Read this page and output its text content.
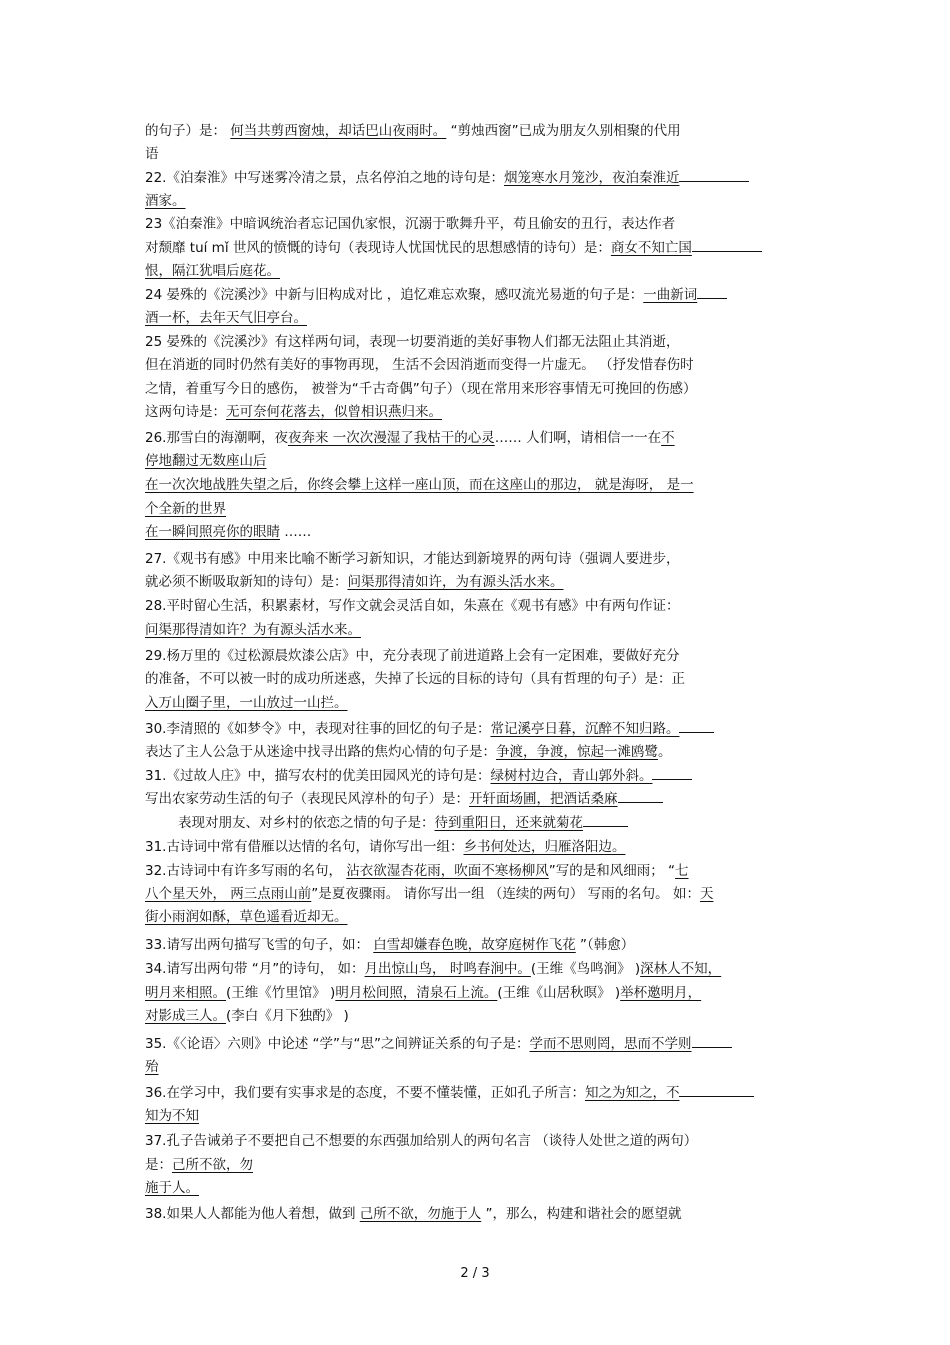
的句子）是： 何当共剪西窗烛，却话巴山夜雨时。 “剪烛西窗”已成为朋友久别相聚的代用
语
22.《泊秦淮》中写迷雾冷清之景，点名停泊之地的诗句是：烟笼寒水月笼沙，夜泊秦淮近
酒家。
23《泊秦淮》中暗讽统治者忘记国仇家恨，沉溺于歌舞升平，苟且偷安的丑行，表达作者
对颓靡 tuí mǐ 世风的愤慨的诗句（表现诗人忧国忧民的思想感情的诗句）是：商女不知亡国
恨，隔江犹唱后庭花。
24 晏殊的《浣溪沙》中新与旧构成对比 ，追忆难忘欢聚，感叹流光易逝的句子是：一曲新词
酒一杯，去年天气旧亭台。
25 晏殊的《浣溪沙》有这样两句词，表现一切要消逝的美好事物人们都无法阻止其消逝，
但在消逝的同时仍然有美好的事物再现， 生活不会因消逝而变得一片虚无。 （抒发惜春伤时
之情，着重写今日的感伤， 被誉为“千古奇偶”句子）（现在常用来形容事情无可挽回的伤感）
这两句诗是：无可奈何花落去，似曾相识燕归来。
26.那雪白的海潮啊，夜夜奔来 一次次漫湿了我枯干的心灵…… 人们啊，请相信一一在不
停地翻过无数座山后
在一次次地战胜失望之后，你终会攀上这样一座山顶，而在这座山的那边， 就是海呀， 是一
个全新的世界
在一瞬间照亮你的眼睛 ……
27.《观书有感》中用来比喻不断学习新知识，才能达到新境界的两句诗（强调人要进步，
就必须不断吸取新知的诗句）是：问渠那得清如许，为有源头活水来。
28.平时留心生活，积累素材，写作文就会灵活自如，朱熹在《观书有感》中有两句作证：
问渠那得清如许？为有源头活水来。
29.杨万里的《过松源晨炊漆公店》中，充分表现了前进道路上会有一定困难，要做好充分
的准备，不可以被一时的成功所迷惑，失掉了长远的目标的诗句（具有哲理的句子）是：正
入万山圈子里，一山放过一山拦。
30.李清照的《如梦令》中，表现对往事的回忆的句子是：常记溪亭日暮，沉醉不知归路。
表达了主人公急于从迷途中找寻出路的焦灼心情的句子是：争渡，争渡，惊起一滩鸥鹭。
31.《过故人庄》中，描写农村的优美田园风光的诗句是：绿树村边合，青山郭外斜。
写出农家劳动生活的句子（表现民风淳朴的句子）是：开轩面场圃，把酒话桑麻
表现对朋友、对乡村的依恋之情的句子是：待到重阳日，还来就菊花
31.古诗词中常有借雁以达情的名句，请你写出一组：乡书何处达，归雁洛阳边。
32.古诗词中有许多写雨的名句， 沾衣欲湿杏花雨，吹面不寒杨柳风”写的是和风细雨； “七
八个星天外， 两三点雨山前”是夏夜骤雨。 请你写出一组 （连续的两句） 写雨的名句。 如：天
街小雨润如酥，草色遥看近却无。
33.请写出两句描写飞雪的句子，如： 白雪却嫌春色晚，故穿庭树作飞花 ”（韩愈）
34.请写出两句带 “月”的诗句， 如：月出惊山鸟， 时鸣春涧中。(王维《鸟鸣涧》 )深林人不知，
明月来相照。(王维《竹里馆》 )明月松间照，清泉石上流。(王维《山居秋暝》 )举杯邀明月，
对影成三人。(李白《月下独酌》 )
35.《〈论语〉六则》中论述 “学”与“思”之间辨证关系的句子是：学而不思则罔，思而不学则
殆
36.在学习中，我们要有实事求是的态度，不要不懂装懂，正如孔子所言：知之为知之，不
知为不知
37.孔子告诫弟子不要把自己不想要的东西强加给别人的两句名言 （谈待人处世之道的两句）
是：己所不欲，勿
施于人。
38.如果人人都能为他人着想，做到 己所不欲，勿施于人 ”，那么，构建和谐社会的愿望就
2 / 3
